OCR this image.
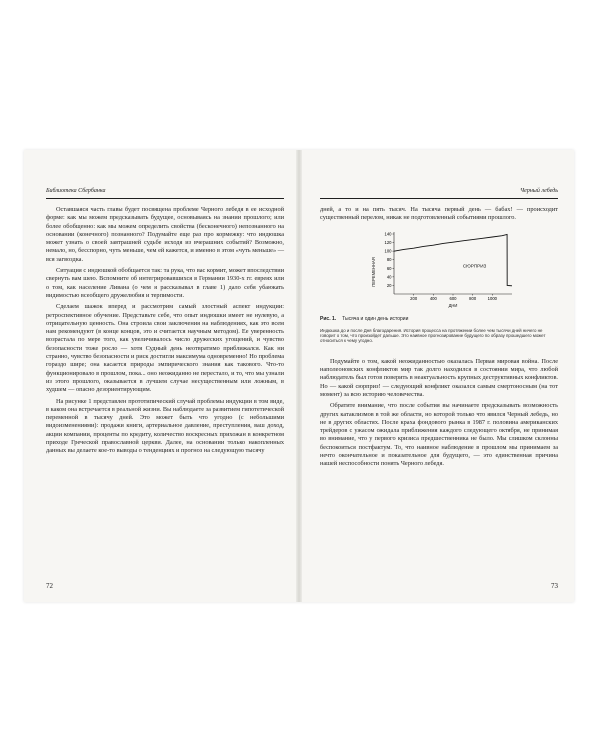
Библиотека Сбербанка

Оставшаяся часть главы будет посвящена проблеме Черного лебедя в ее исходной форме: как мы можем предсказывать будущее, основываясь на знании прошлого; или более обобщенно: как мы можем определить свойства (бесконечного) непознанного на основании (конечного) познанного? Подумайте еще раз про кормежку: что индюшка может узнать о своей завтрашней судьбе исходя из вчерашних событий? Возможно, немало, но, бесспорно, чуть меньше, чем ей кажется, и именно в этом «чуть меньше» — вся загвоздка.

Ситуация с индюшкой обобщается так: та рука, что вас кормит, может впоследствии свернуть вам шею. Вспомните об интегрировавшихся в Германии 1930-х гг. евреях или о том, как население Ливана (о чем я рассказывал в главе 1) дало себя убаюкать видимостью всеобщего дружелюбия и терпимости.

Сделаем шажок вперед и рассмотрим самый злостный аспект индукции: ретроспективное обучение. Представьте себе, что опыт индюшки имеет не нулевую, а отрицательную ценность. Она строила свои заключения на наблюдениях, как это всем нам рекомендуют (в конце концов, это и считается научным методом). Ее уверенность возрастала по мере того, как увеличивалось число дружеских угощений, и чувство безопасности тоже росло — хотя Судный день неотвратимо приближался. Как ни странно, чувство безопасности и риск достигли максимума одновременно! Но проблема гораздо шире; она касается природы эмпирического знания как такового. Что-то функционировало в прошлом, пока... оно неожиданно не перестало, и то, что мы узнали из этого прошлого, оказывается в лучшем случае несущественным или ложным, в худшем — опасно дезориентирующим.

На рисунке 1 представлен прототипический случай проблемы индукции в том виде, в каком она встречается в реальной жизни. Вы наблюдаете за развитием гипотетической переменной в тысячу дней. Это может быть что угодно (с небольшими видоизменениями): продажи книги, артериальное давление, преступления, ваш доход, акции компании, проценты по кредиту, количество воскресных прихожан в конкретном приходе Греческой православной церкви. Далее, на основании только накопленных данных вы делаете кое-то выводы о тенденциях и прогноз на следующую тысячу

72
Черный лебедь

дней, а то и на пять тысяч. На тысяча первый день — бабах! — происходит существенный перелом, никак не подготовленный событиями прошлого.

20
40
60
80
100
120
140
200	400	600	800	1000
СЮРПРИЗ
ПЕРЕМЕННАЯ
ДНИ
Рис. 1. Тысяча и один день истории
Индюшка до и после Дня благодарения. История процесса на протяжении более чем тысячи дней ничего не говорит о том, что произойдет дальше. Это наивное прогнозирование будущего по образу прошедшего может относиться к чему угодно.

Подумайте о том, какой неожиданностью оказалась Первая мировая война. После наполеоновских конфликтов мир так долго находился в состоянии мира, что любой наблюдатель был готов поверить в неактуальность крупных деструктивных конфликтов. Но — какой сюрприз! — следующий конфликт оказался самым смертоносным (на тот момент) за всю историю человечества.

Обратите внимание, что после события вы начинаете предсказывать возможность других катаклизмов в той же области, но которой только что явился Черный лебедь, но не в других областях. После краха фондового рынка в 1987 г. половина американских трейдеров с ужасом ожидала приближения каждого следующего октября, не принимая во внимание, что у первого кризиса предшественника не было. Мы слишком склонны беспокоиться постфактум. То, что наивное наблюдение в прошлом мы принимаем за нечто окончательное и показательное для будущего, — это единственная причина нашей неспособности понять Черного лебедя.

73
